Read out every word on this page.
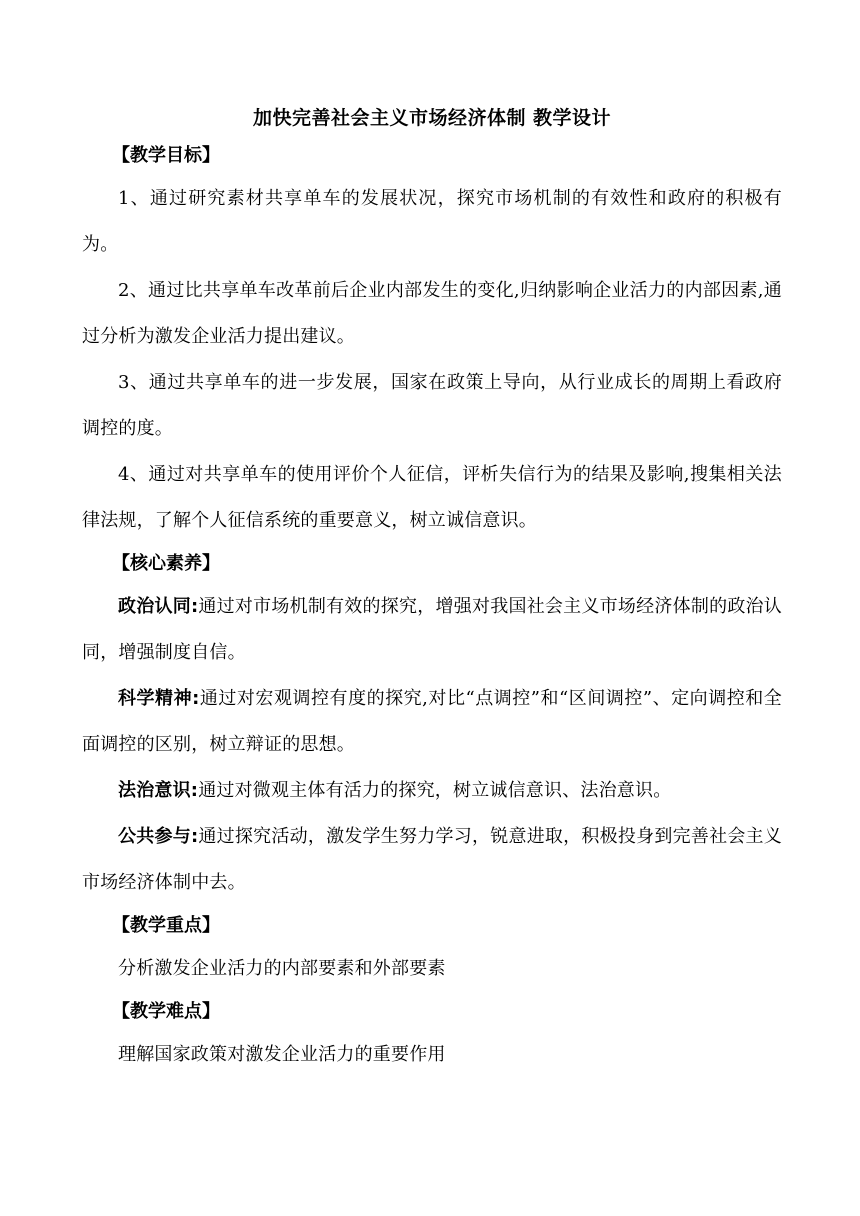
加快完善社会主义市场经济体制 教学设计
【教学目标】

1、通过研究素材共享单车的发展状况，探究市场机制的有效性和政府的积极有为。

2、通过比共享单车改革前后企业内部发生的变化,归纳影响企业活力的内部因素,通过分析为激发企业活力提出建议。

3、通过共享单车的进一步发展，国家在政策上导向，从行业成长的周期上看政府调控的度。

4、通过对共享单车的使用评价个人征信，评析失信行为的结果及影响,搜集相关法律法规，了解个人征信系统的重要意义，树立诚信意识。

【核心素养】

政治认同:通过对市场机制有效的探究，增强对我国社会主义市场经济体制的政治认同，增强制度自信。

科学精神:通过对宏观调控有度的探究,对比“点调控”和“区间调控”、定向调控和全面调控的区别，树立辩证的思想。

法治意识:通过对微观主体有活力的探究，树立诚信意识、法治意识。

公共参与:通过探究活动，激发学生努力学习，锐意进取，积极投身到完善社会主义市场经济体制中去。

【教学重点】

分析激发企业活力的内部要素和外部要素

【教学难点】

理解国家政策对激发企业活力的重要作用
